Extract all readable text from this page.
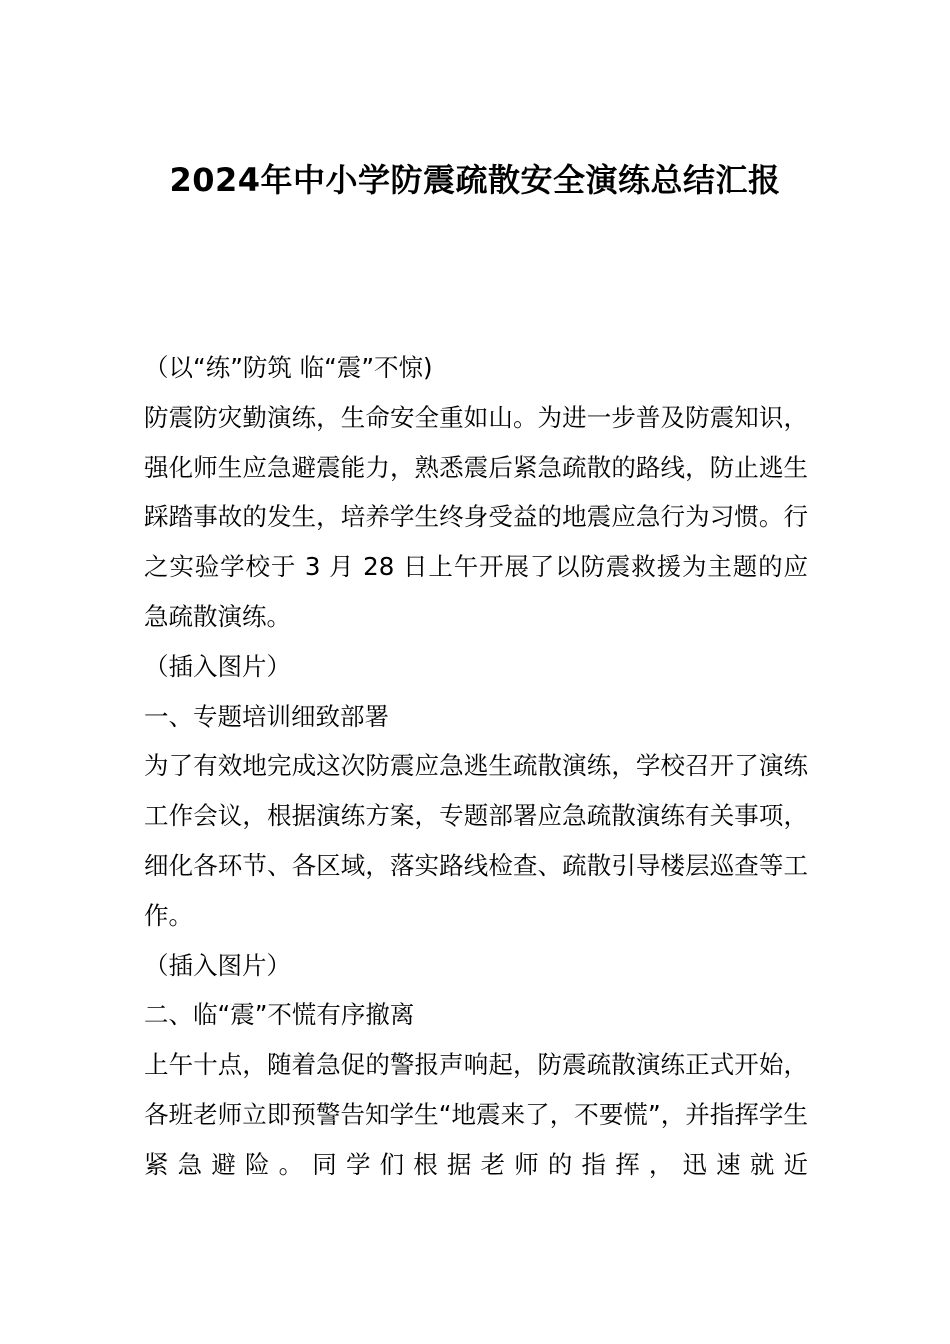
2024年中小学防震疏散安全演练总结汇报

（以“练”防筑 临“震”不惊)

防震防灾勤演练，生命安全重如山。为进一步普及防震知识，强化师生应急避震能力，熟悉震后紧急疏散的路线，防止逃生踩踏事故的发生，培养学生终身受益的地震应急行为习惯。行之实验学校于 3 月 28 日上午开展了以防震救援为主题的应急疏散演练。

（插入图片）

一、专题培训细致部署

为了有效地完成这次防震应急逃生疏散演练，学校召开了演练工作会议，根据演练方案，专题部署应急疏散演练有关事项，细化各环节、各区域，落实路线检查、疏散引导楼层巡查等工作。

（插入图片）

二、临“震”不慌有序撤离

上午十点，随着急促的警报声响起，防震疏散演练正式开始，各班老师立即预警告知学生“地震来了，不要慌”，并指挥学生紧急避险。同学们根据老师的指挥，迅速就近
